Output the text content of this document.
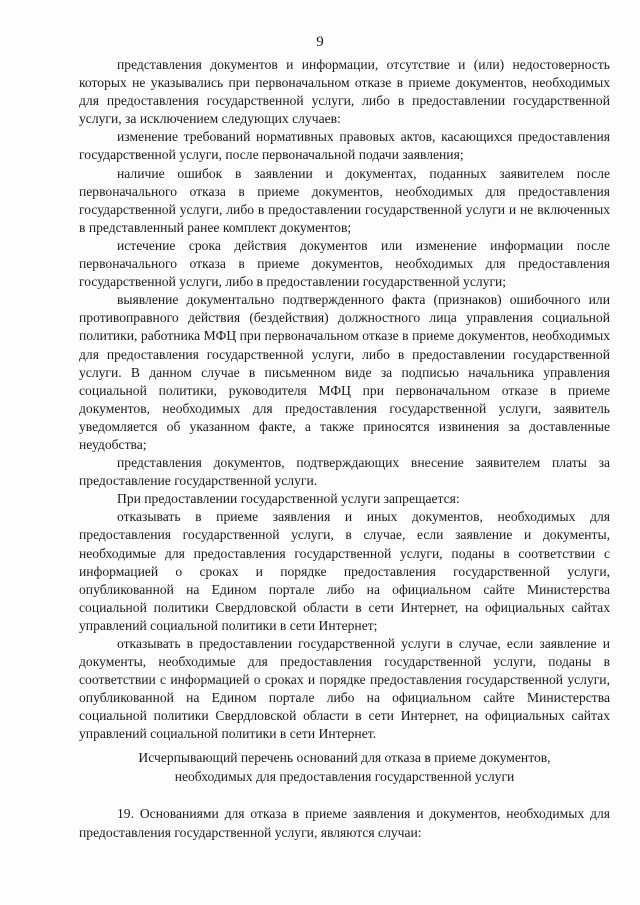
9

представления документов и информации, отсутствие и (или) недостоверность которых не указывались при первоначальном отказе в приеме документов, необходимых для предоставления государственной услуги, либо в предоставлении государственной услуги, за исключением следующих случаев:

изменение требований нормативных правовых актов, касающихся предоставления государственной услуги, после первоначальной подачи заявления;

наличие ошибок в заявлении и документах, поданных заявителем после первоначального отказа в приеме документов, необходимых для предоставления государственной услуги, либо в предоставлении государственной услуги и не включенных в представленный ранее комплект документов;

истечение срока действия документов или изменение информации после первоначального отказа в приеме документов, необходимых для предоставления государственной услуги, либо в предоставлении государственной услуги;

выявление документально подтвержденного факта (признаков) ошибочного или противоправного действия (бездействия) должностного лица управления социальной политики, работника МФЦ при первоначальном отказе в приеме документов, необходимых для предоставления государственной услуги, либо в предоставлении государственной услуги. В данном случае в письменном виде за подписью начальника управления социальной политики, руководителя МФЦ при первоначальном отказе в приеме документов, необходимых для предоставления государственной услуги, заявитель уведомляется об указанном факте, а также приносятся извинения за доставленные неудобства;

представления документов, подтверждающих внесение заявителем платы за предоставление государственной услуги.

При предоставлении государственной услуги запрещается:

отказывать в приеме заявления и иных документов, необходимых для предоставления государственной услуги, в случае, если заявление и документы, необходимые для предоставления государственной услуги, поданы в соответствии с информацией о сроках и порядке предоставления государственной услуги, опубликованной на Едином портале либо на официальном сайте Министерства социальной политики Свердловской области в сети Интернет, на официальных сайтах управлений социальной политики в сети Интернет;

отказывать в предоставлении государственной услуги в случае, если заявление и документы, необходимые для предоставления государственной услуги, поданы в соответствии с информацией о сроках и порядке предоставления государственной услуги, опубликованной на Едином портале либо на официальном сайте Министерства социальной политики Свердловской области в сети Интернет, на официальных сайтах управлений социальной политики в сети Интернет.

Исчерпывающий перечень оснований для отказа в приеме документов,
необходимых для предоставления государственной услуги

19. Основаниями для отказа в приеме заявления и документов, необходимых для предоставления государственной услуги, являются случаи:
